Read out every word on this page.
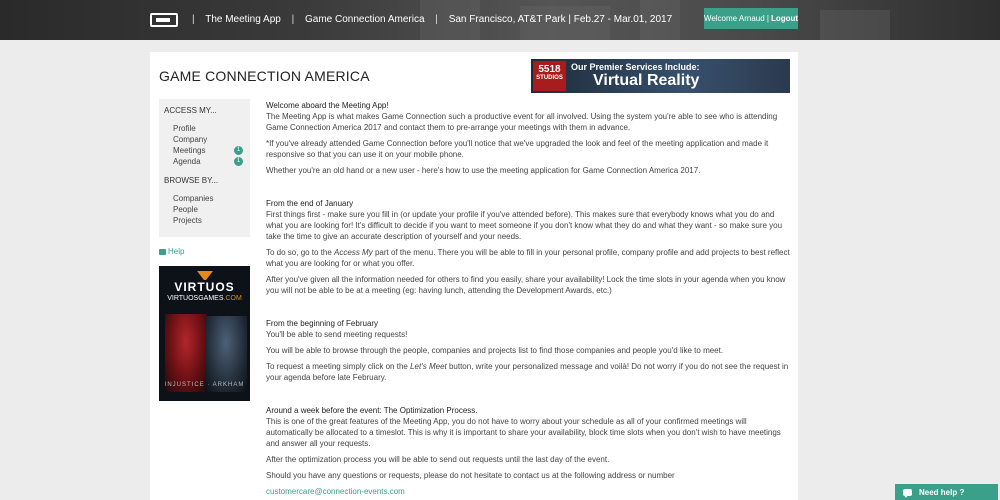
| The Meeting App | Game Connection America | San Francisco, AT&T Park | Feb.27 - Mar.01, 2017	Welcome Arnaud | Logout
GAME CONNECTION AMERICA	5518
STUDIOS
Our Premier Services Include:
Virtual Reality
ACCESS MY...
Profile
Company
Meetings	1
Agenda	1
BROWSE BY...
Companies
People
Projects
Help
VIRTUOS
VIRTUOSGAMES.COM
INJUSTICE · ARKHAM
Welcome aboard the Meeting App!

The Meeting App is what makes Game Connection such a productive event for all involved. Using the system you're able to see who is attending Game Connection America 2017 and contact them to pre-arrange your meetings with them in advance.

*If you've already attended Game Connection before you'll notice that we've upgraded the look and feel of the meeting application and made it responsive so that you can use it on your mobile phone.

Whether you're an old hand or a new user - here's how to use the meeting application for Game Connection America 2017.

From the end of January

First things first - make sure you fill in (or update your profile if you've attended before). This makes sure that everybody knows what you do and what you are looking for! It's difficult to decide if you want to meet someone if you don't know what they do and what they want - so make sure you take the time to give an accurate description of yourself and your needs.

To do so, go to the Access My part of the menu. There you will be able to fill in your personal profile, company profile and add projects to best reflect what you are looking for or what you offer.

After you've given all the information needed for others to find you easily, share your availability! Lock the time slots in your agenda when you know you will not be able to be at a meeting (eg: having lunch, attending the Development Awards, etc.)

From the beginning of February

You'll be able to send meeting requests!

You will be able to browse through the people, companies and projects list to find those companies and people you'd like to meet.

To request a meeting simply click on the Let's Meet button, write your personalized message and voilà! Do not worry if you do not see the request in your agenda before late February.

Around a week before the event: The Optimization Process.

This is one of the great features of the Meeting App, you do not have to worry about your schedule as all of your confirmed meetings will automatically be allocated to a timeslot. This is why it is important to share your availability, block time slots when you don't wish to have meetings and answer all your requests.

After the optimization process you will be able to send out requests until the last day of the event.

Should you have any questions or requests, please do not hesitate to contact us at the following address or number

customercare@connection-events.com	Need help ?
